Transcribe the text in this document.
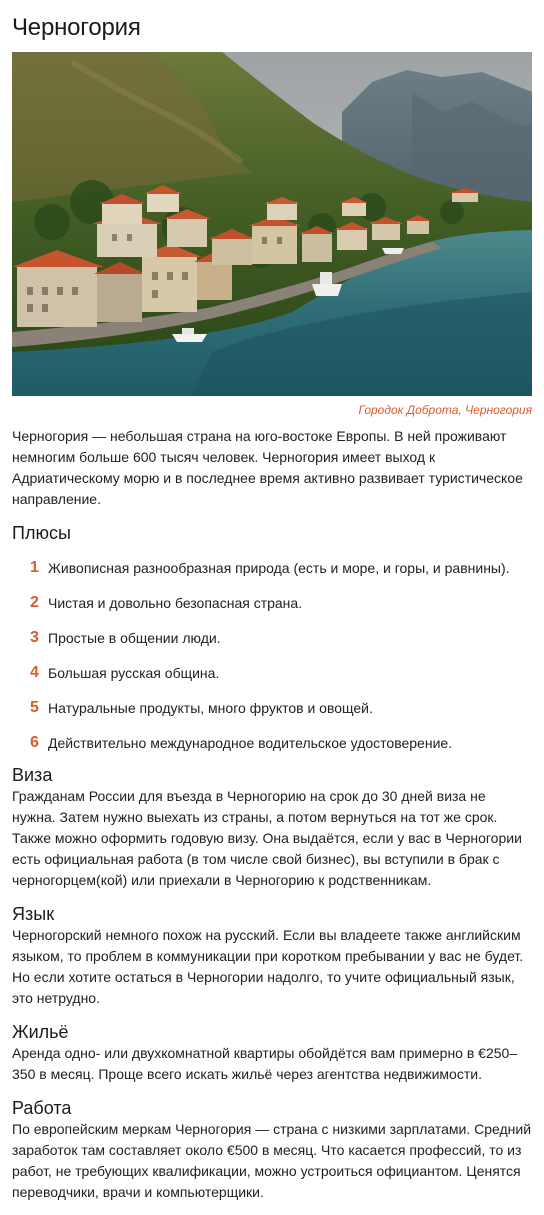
Черногория
Городок Доброта, Черногория

Черногория — небольшая страна на юго-востоке Европы. В ней проживают немногим больше 600 тысяч человек. Черногория имеет выход к Адриатическому морю и в последнее время активно развивает туристическое направление.

Плюсы
1 Живописная разнообразная природа (есть и море, и горы, и равнины).
2 Чистая и довольно безопасная страна.
3 Простые в общении люди.
4 Большая русская община.
5 Натуральные продукты, много фруктов и овощей.
6 Действительно международное водительское удостоверение.
Виза

Гражданам России для въезда в Черногорию на срок до 30 дней виза не нужна. Затем нужно выехать из страны, а потом вернуться на тот же срок. Также можно оформить годовую визу. Она выдаётся, если у вас в Черногории есть официальная работа (в том числе свой бизнес), вы вступили в брак с черногорцем(кой) или приехали в Черногорию к родственникам.

Язык

Черногорский немного похож на русский. Если вы владеете также английским языком, то проблем в коммуникации при коротком пребывании у вас не будет. Но если хотите остаться в Черногории надолго, то учите официальный язык, это нетрудно.

Жильё

Аренда одно- или двухкомнатной квартиры обойдётся вам примерно в €250–350 в месяц. Проще всего искать жильё через агентства недвижимости.

Работа

По европейским меркам Черногория — страна с низкими зарплатами. Средний заработок там составляет около €500 в месяц. Что касается профессий, то из работ, не требующих квалификации, можно устроиться официантом. Ценятся переводчики, врачи и компьютерщики.
